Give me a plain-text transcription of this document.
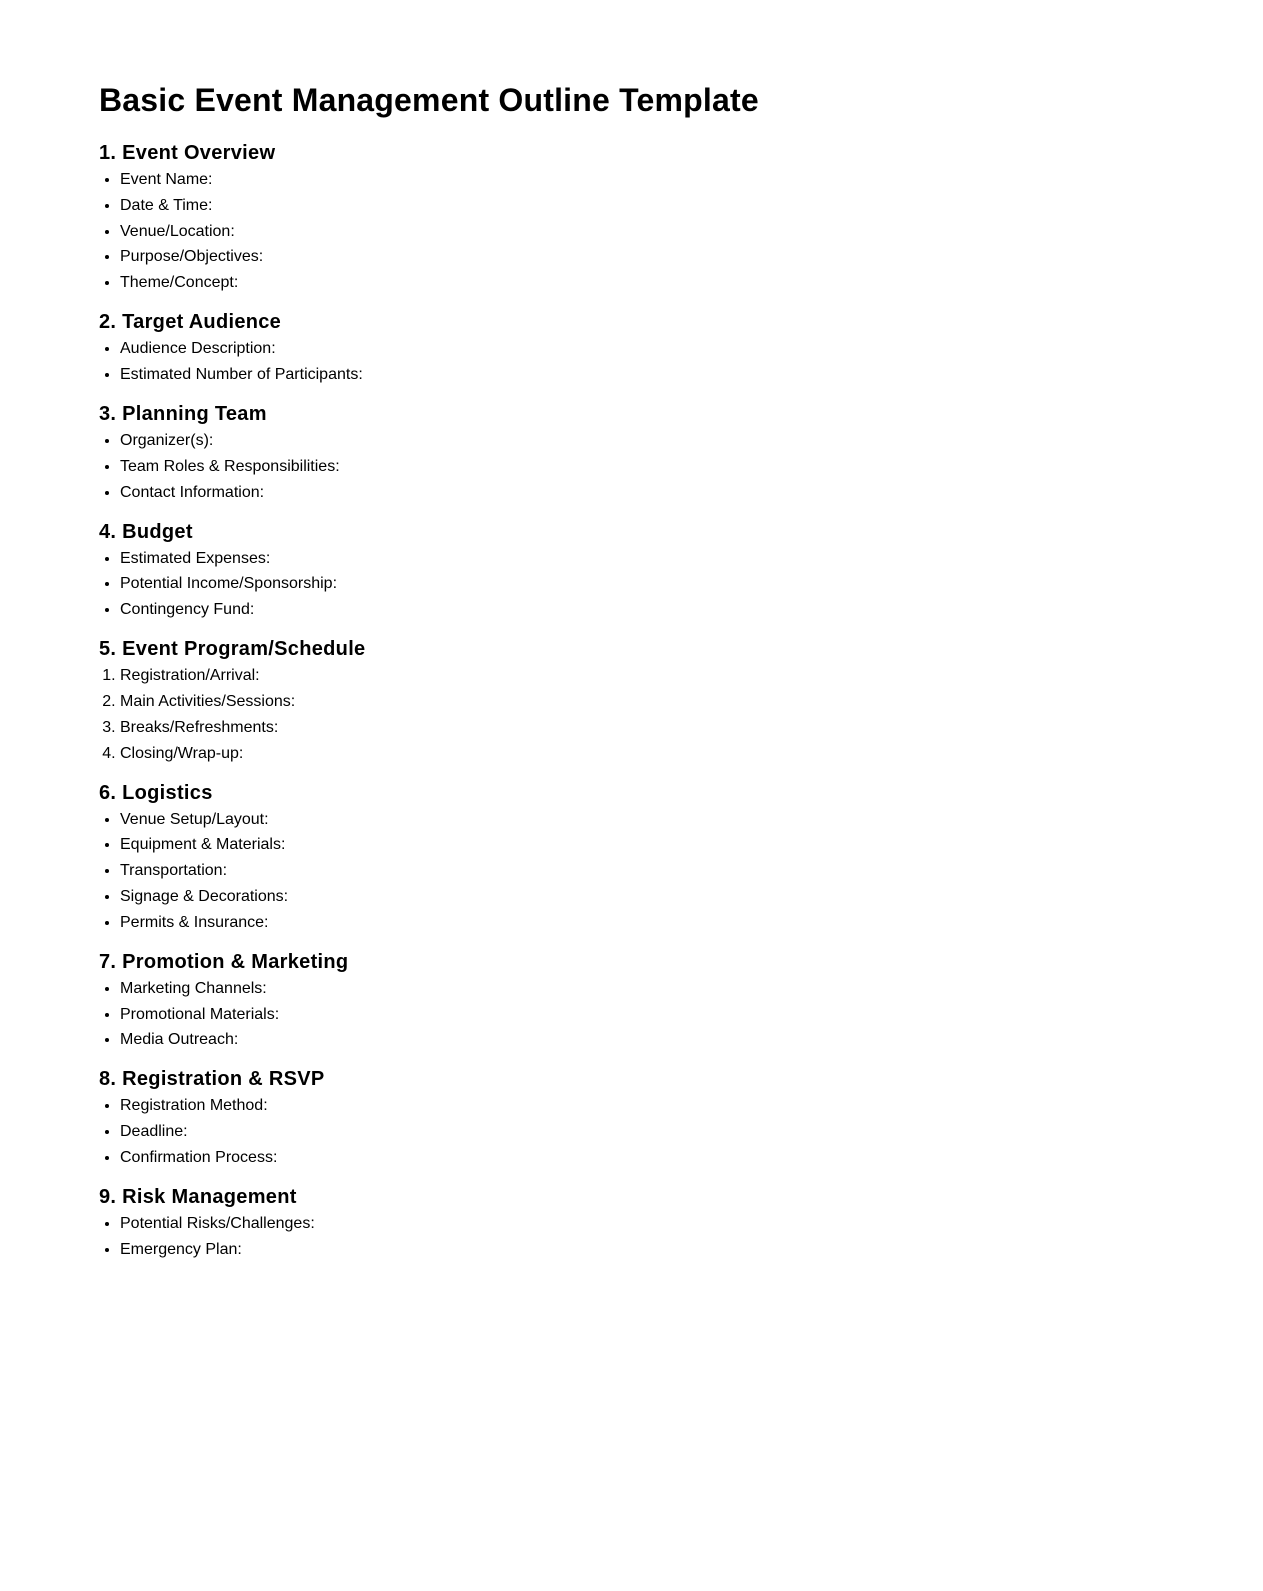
Basic Event Management Outline Template
1. Event Overview
• Event Name:
• Date & Time:
• Venue/Location:
• Purpose/Objectives:
• Theme/Concept:
2. Target Audience
• Audience Description:
• Estimated Number of Participants:
3. Planning Team
• Organizer(s):
• Team Roles & Responsibilities:
• Contact Information:
4. Budget
• Estimated Expenses:
• Potential Income/Sponsorship:
• Contingency Fund:
5. Event Program/Schedule
1. Registration/Arrival:
2. Main Activities/Sessions:
3. Breaks/Refreshments:
4. Closing/Wrap-up:
6. Logistics
• Venue Setup/Layout:
• Equipment & Materials:
• Transportation:
• Signage & Decorations:
• Permits & Insurance:
7. Promotion & Marketing
• Marketing Channels:
• Promotional Materials:
• Media Outreach:
8. Registration & RSVP
• Registration Method:
• Deadline:
• Confirmation Process:
9. Risk Management
• Potential Risks/Challenges:
• Emergency Plan:
